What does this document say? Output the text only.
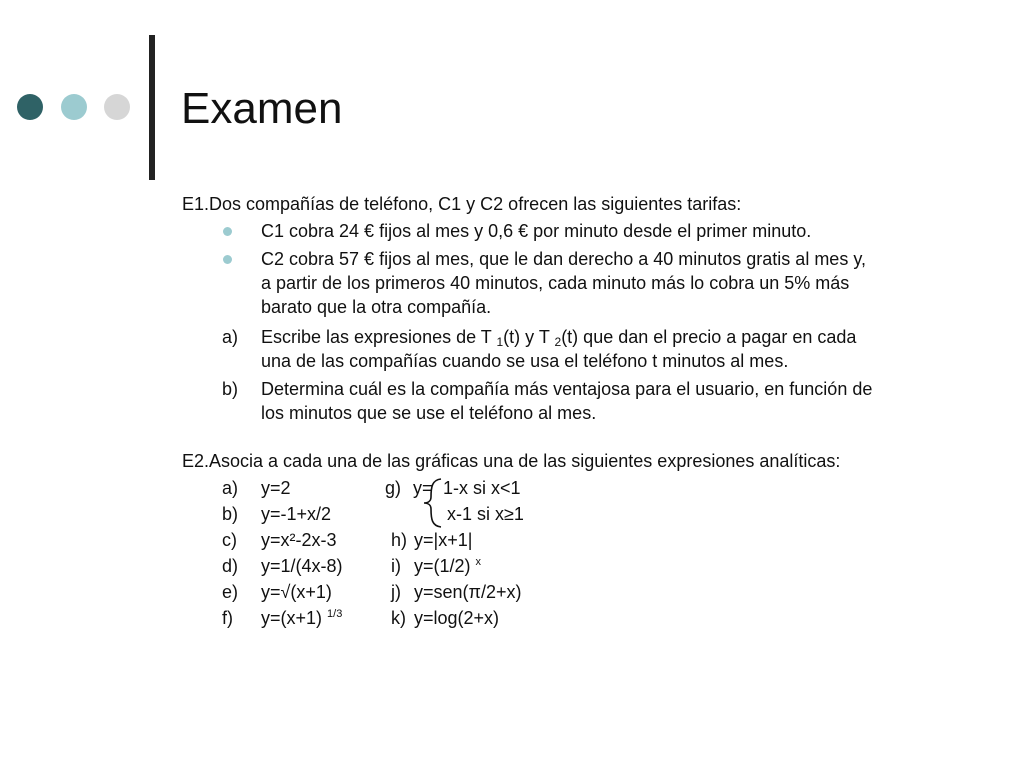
Examen
E1.Dos compañías de teléfono, C1 y C2 ofrecen las siguientes tarifas:
C1 cobra 24 € fijos al mes y 0,6 € por minuto desde el primer minuto.
C2 cobra 57 € fijos al mes, que le dan derecho a 40 minutos gratis al mes y,
a partir de los primeros 40 minutos, cada minuto más lo cobra un 5% más
barato que la otra compañía.
a) Escribe las expresiones de T $_1$(t) y T $_2$(t) que dan el precio a pagar en cada
una de las compañías cuando se usa el teléfono t minutos al mes.
b) Determina cuál es la compañía más ventajosa para el usuario, en función de
los minutos que se use el teléfono al mes.
E2.Asocia a cada una de las gráficas una de las siguientes expresiones analíticas:
a) y=2
b) y=-1+x/2
c) y=x²-2x-3
d) y=1/(4x-8)
e) y=√(x+1)
f) y=(x+1) $^{1/3}$
g) y= 1-x si x<1
x-1 si x≥1
h) y=|x+1|
i) y=(1/2) $^x$
j) y=sen(π/2+x)
k) y=log(2+x)
